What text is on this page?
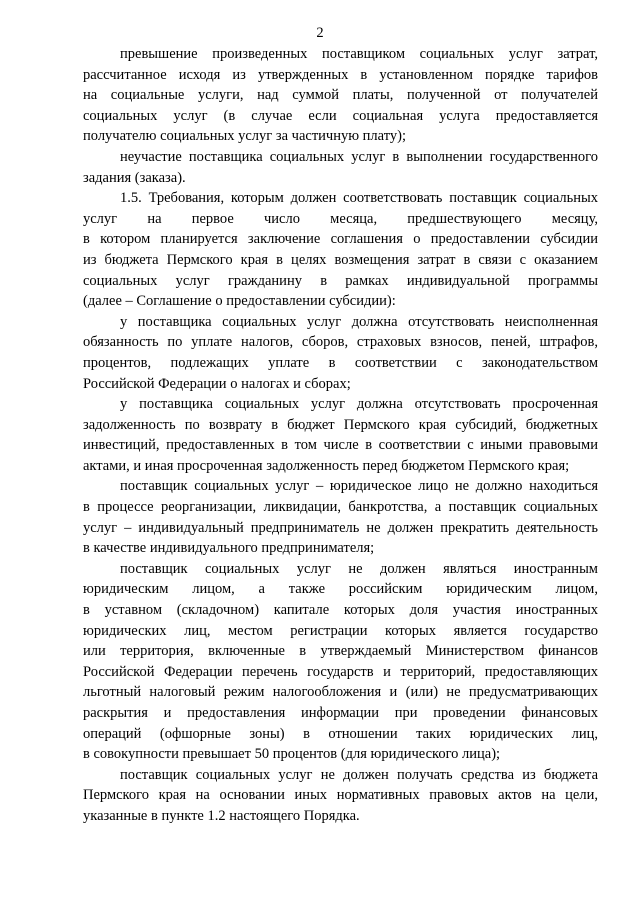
2
превышение произведенных поставщиком социальных услуг затрат,
рассчитанное исходя из утвержденных в установленном порядке тарифов
на социальные услуги, над суммой платы, полученной от получателей
социальных услуг (в случае если социальная услуга предоставляется
получателю социальных услуг за частичную плату);
неучастие поставщика социальных услуг в выполнении государственного
задания (заказа).
1.5. Требования, которым должен соответствовать поставщик социальных
услуг на первое число месяца, предшествующего месяцу,
в котором планируется заключение соглашения о предоставлении субсидии
из бюджета Пермского края в целях возмещения затрат в связи с оказанием
социальных услуг гражданину в рамках индивидуальной программы
(далее – Соглашение о предоставлении субсидии):
у поставщика социальных услуг должна отсутствовать неисполненная
обязанность по уплате налогов, сборов, страховых взносов, пеней, штрафов,
процентов, подлежащих уплате в соответствии с законодательством
Российской Федерации о налогах и сборах;
у поставщика социальных услуг должна отсутствовать просроченная
задолженность по возврату в бюджет Пермского края субсидий, бюджетных
инвестиций, предоставленных в том числе в соответствии с иными правовыми
актами, и иная просроченная задолженность перед бюджетом Пермского края;
поставщик социальных услуг – юридическое лицо не должно находиться
в процессе реорганизации, ликвидации, банкротства, а поставщик социальных
услуг – индивидуальный предприниматель не должен прекратить деятельность
в качестве индивидуального предпринимателя;
поставщик социальных услуг не должен являться иностранным
юридическим лицом, а также российским юридическим лицом,
в уставном (складочном) капитале которых доля участия иностранных
юридических лиц, местом регистрации которых является государство
или территория, включенные в утверждаемый Министерством финансов
Российской Федерации перечень государств и территорий, предоставляющих
льготный налоговый режим налогообложения и (или) не предусматривающих
раскрытия и предоставления информации при проведении финансовых
операций (офшорные зоны) в отношении таких юридических лиц,
в совокупности превышает 50 процентов (для юридического лица);
поставщик социальных услуг не должен получать средства из бюджета
Пермского края на основании иных нормативных правовых актов на цели,
указанные в пункте 1.2 настоящего Порядка.
